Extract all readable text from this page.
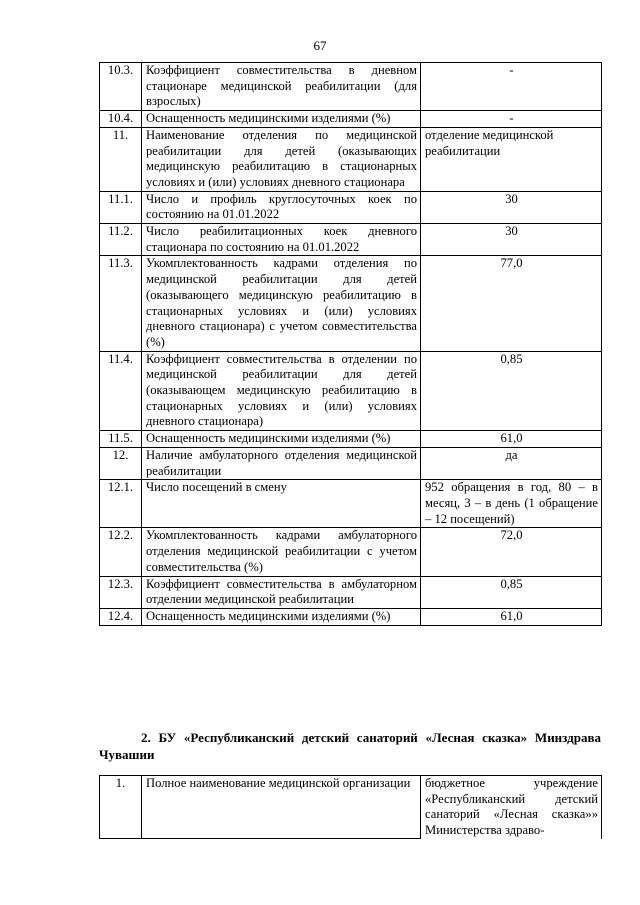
67
10.3.	Коэффициент совместительства в дневном стационаре медицинской реабилитации (для взрослых)	-
10.4.	Оснащенность медицинскими изделиями (%)	-
11.	Наименование отделения по медицинской реабилитации для детей (оказывающих медицинскую реабилитацию в стационарных условиях и (или) условиях дневного стационара	отделение медицинской реабилитации
11.1.	Число и профиль круглосуточных коек по состоянию на 01.01.2022	30
11.2.	Число реабилитационных коек дневного стационара по состоянию на 01.01.2022	30
11.3.	Укомплектованность кадрами отделения по медицинской реабилитации для детей (оказывающего медицинскую реабилитацию в стационарных условиях и (или) условиях дневного стационара) с учетом совместительства (%)	77,0
11.4.	Коэффициент совместительства в отделении по медицинской реабилитации для детей (оказывающем медицинскую реабилитацию в стационарных условиях и (или) условиях дневного стационара)	0,85
11.5.	Оснащенность медицинскими изделиями (%)	61,0
12.	Наличие амбулаторного отделения медицинской реабилитации	да
12.1.	Число посещений в смену	952 обращения в год, 80 – в месяц, 3 – в день (1 обращение – 12 посещений)
12.2.	Укомплектованность кадрами амбулаторного отделения медицинской реабилитации с учетом совместительства (%)	72,0
12.3.	Коэффициент совместительства в амбулаторном отделении медицинской реабилитации	0,85
12.4.	Оснащенность медицинскими изделиями (%)	61,0
2. БУ «Республиканский детский санаторий «Лесная сказка» Минздрава Чувашии
1.	Полное наименование медицинской организации	бюджетное учреждение «Республиканский детский санаторий «Лесная сказка»» Министерства здраво-
